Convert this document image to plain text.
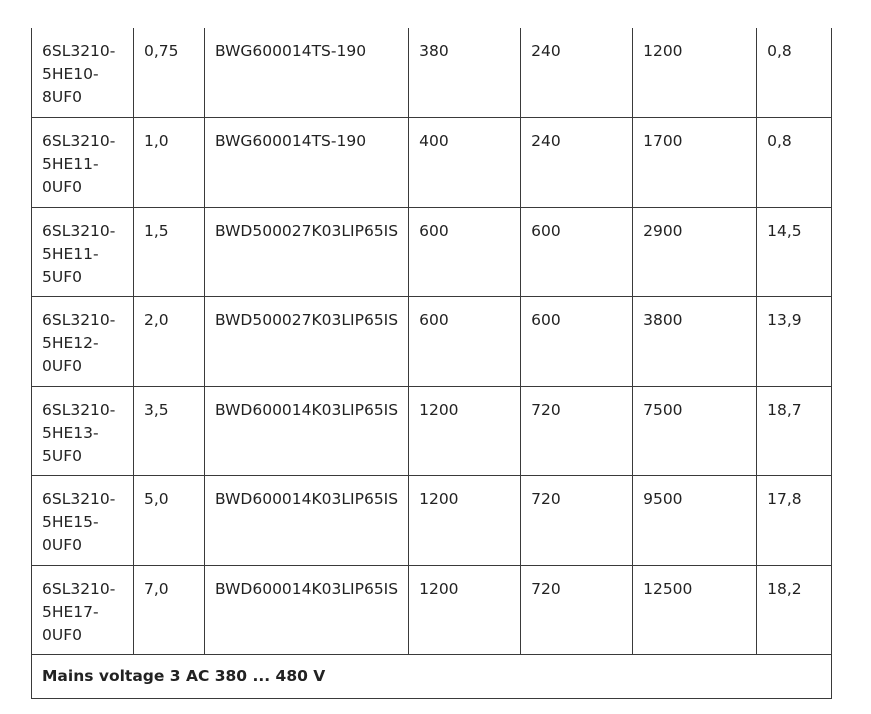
6SL3210-
5HE10-
8UF0	0,75	BWG600014TS-190	380	240	1200	0,8
6SL3210-
5HE11-
0UF0	1,0	BWG600014TS-190	400	240	1700	0,8
6SL3210-
5HE11-
5UF0	1,5	BWD500027K03LIP65IS	600	600	2900	14,5
6SL3210-
5HE12-
0UF0	2,0	BWD500027K03LIP65IS	600	600	3800	13,9
6SL3210-
5HE13-
5UF0	3,5	BWD600014K03LIP65IS	1200	720	7500	18,7
6SL3210-
5HE15-
0UF0	5,0	BWD600014K03LIP65IS	1200	720	9500	17,8
6SL3210-
5HE17-
0UF0	7,0	BWD600014K03LIP65IS	1200	720	12500	18,2
Mains voltage 3 AC 380 ... 480 V						
